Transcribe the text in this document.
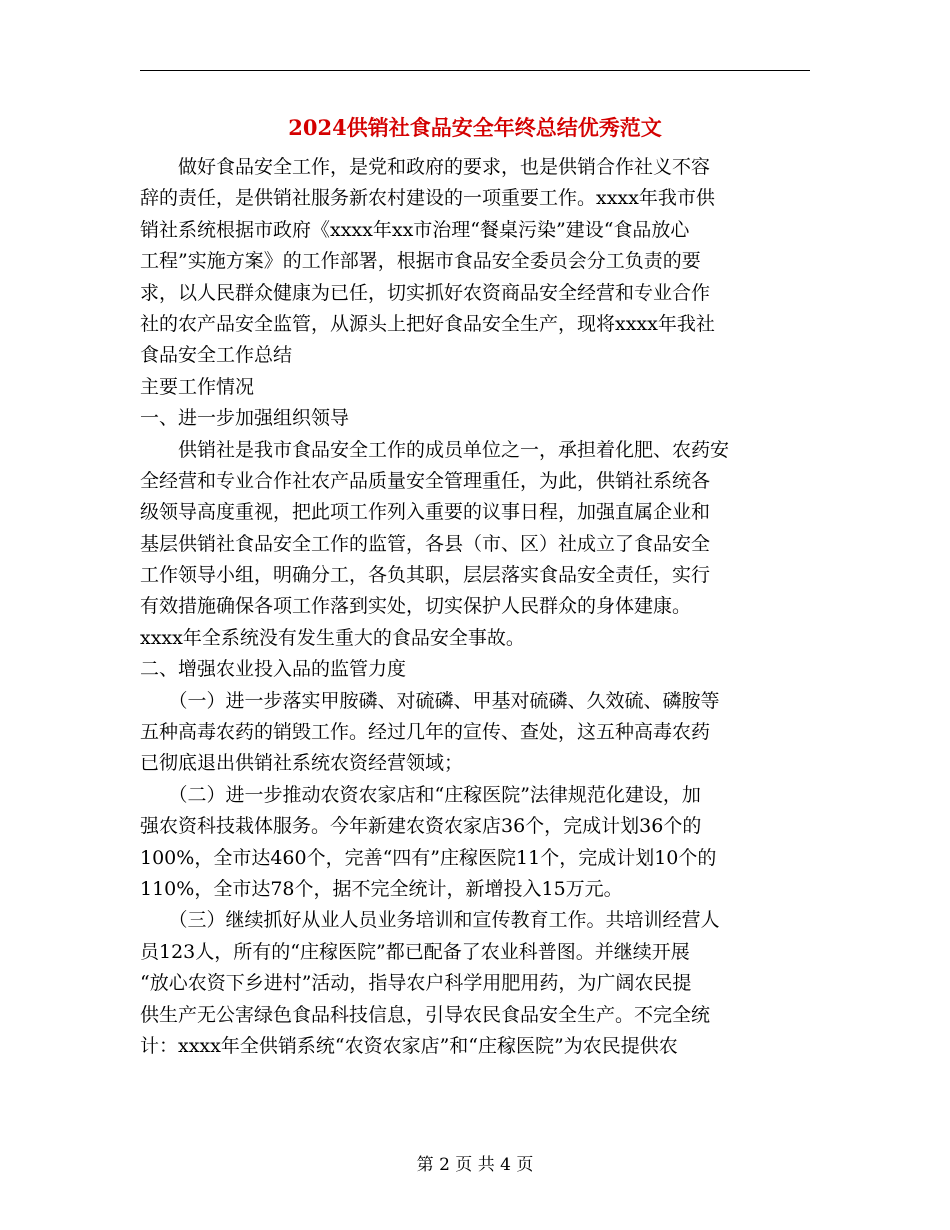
2024供销社食品安全年终总结优秀范文
　　做好食品安全工作，是党和政府的要求，也是供销合作社义不容
辞的责任，是供销社服务新农村建设的一项重要工作。xxxx年我市供
销社系统根据市政府《xxxx年xx市治理“餐桌污染”建设“食品放心
工程”实施方案》的工作部署，根据市食品安全委员会分工负责的要
求，以人民群众健康为已任，切实抓好农资商品安全经营和专业合作
社的农产品安全监管，从源头上把好食品安全生产，现将xxxx年我社
食品安全工作总结
主要工作情况
一、进一步加强组织领导
　　供销社是我市食品安全工作的成员单位之一，承担着化肥、农药安
全经营和专业合作社农产品质量安全管理重任，为此，供销社系统各
级领导高度重视，把此项工作列入重要的议事日程，加强直属企业和
基层供销社食品安全工作的监管，各县（市、区）社成立了食品安全
工作领导小组，明确分工，各负其职，层层落实食品安全责任，实行
有效措施确保各项工作落到实处，切实保护人民群众的身体建康。
xxxx年全系统没有发生重大的食品安全事故。
二、增强农业投入品的监管力度
　　（一）进一步落实甲胺磷、对硫磷、甲基对硫磷、久效硫、磷胺等
五种高毒农药的销毁工作。经过几年的宣传、查处，这五种高毒农药
已彻底退出供销社系统农资经营领域；
　　（二）进一步推动农资农家店和“庄稼医院”法律规范化建设，加
强农资科技栽体服务。今年新建农资农家店36个，完成计划36个的
100%，全市达460个，完善“四有”庄稼医院11个，完成计划10个的
110%，全市达78个，据不完全统计，新增投入15万元。
　　（三）继续抓好从业人员业务培训和宣传教育工作。共培训经营人
员123人，所有的“庄稼医院”都已配备了农业科普图。并继续开展
“放心农资下乡进村”活动，指导农户科学用肥用药，为广阔农民提
供生产无公害绿色食品科技信息，引导农民食品安全生产。不完全统
计：xxxx年全供销系统“农资农家店”和“庄稼医院”为农民提供农
第 2 页 共 4 页
